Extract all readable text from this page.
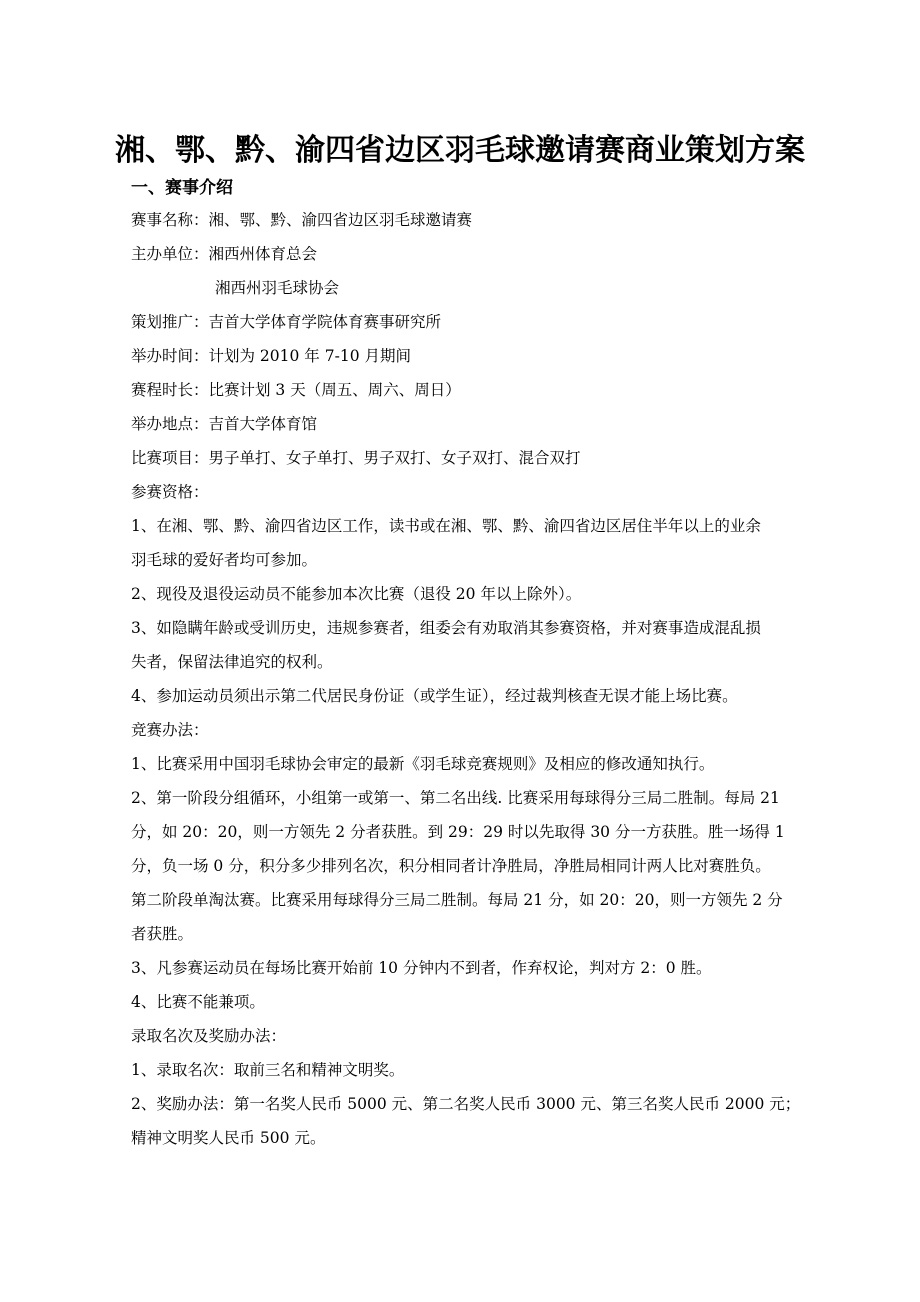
湘、鄂、黔、渝四省边区羽毛球邀请赛商业策划方案
一、赛事介绍
赛事名称：湘、鄂、黔、渝四省边区羽毛球邀请赛
主办单位：湘西州体育总会
湘西州羽毛球协会
策划推广：吉首大学体育学院体育赛事研究所
举办时间：计划为 2010 年 7-10 月期间
赛程时长：比赛计划 3 天（周五、周六、周日）
举办地点：吉首大学体育馆
比赛项目：男子单打、女子单打、男子双打、女子双打、混合双打
参赛资格：
1、在湘、鄂、黔、渝四省边区工作，读书或在湘、鄂、黔、渝四省边区居住半年以上的业余
羽毛球的爱好者均可参加。
2、现役及退役运动员不能参加本次比赛（退役 20 年以上除外）。
3、如隐瞒年龄或受训历史，违规参赛者，组委会有劝取消其参赛资格，并对赛事造成混乱损
失者，保留法律追究的权利。
4、参加运动员须出示第二代居民身份证（或学生证），经过裁判核查无误才能上场比赛。
竞赛办法：
1、比赛采用中国羽毛球协会审定的最新《羽毛球竞赛规则》及相应的修改通知执行。
2、第一阶段分组循环，小组第一或第一、第二名出线. 比赛采用每球得分三局二胜制。每局 21
分，如 20：20，则一方领先 2 分者获胜。到 29：29 时以先取得 30 分一方获胜。胜一场得 1
分，负一场 0 分，积分多少排列名次，积分相同者计净胜局，净胜局相同计两人比对赛胜负。
第二阶段单淘汰赛。比赛采用每球得分三局二胜制。每局 21 分，如 20：20，则一方领先 2 分
者获胜。
3、凡参赛运动员在每场比赛开始前 10 分钟内不到者，作弃权论，判对方 2：0 胜。
4、比赛不能兼项。
录取名次及奖励办法：
1、录取名次：取前三名和精神文明奖。
2、奖励办法：第一名奖人民币 5000 元、第二名奖人民币 3000 元、第三名奖人民币 2000 元；
精神文明奖人民币 500 元。
